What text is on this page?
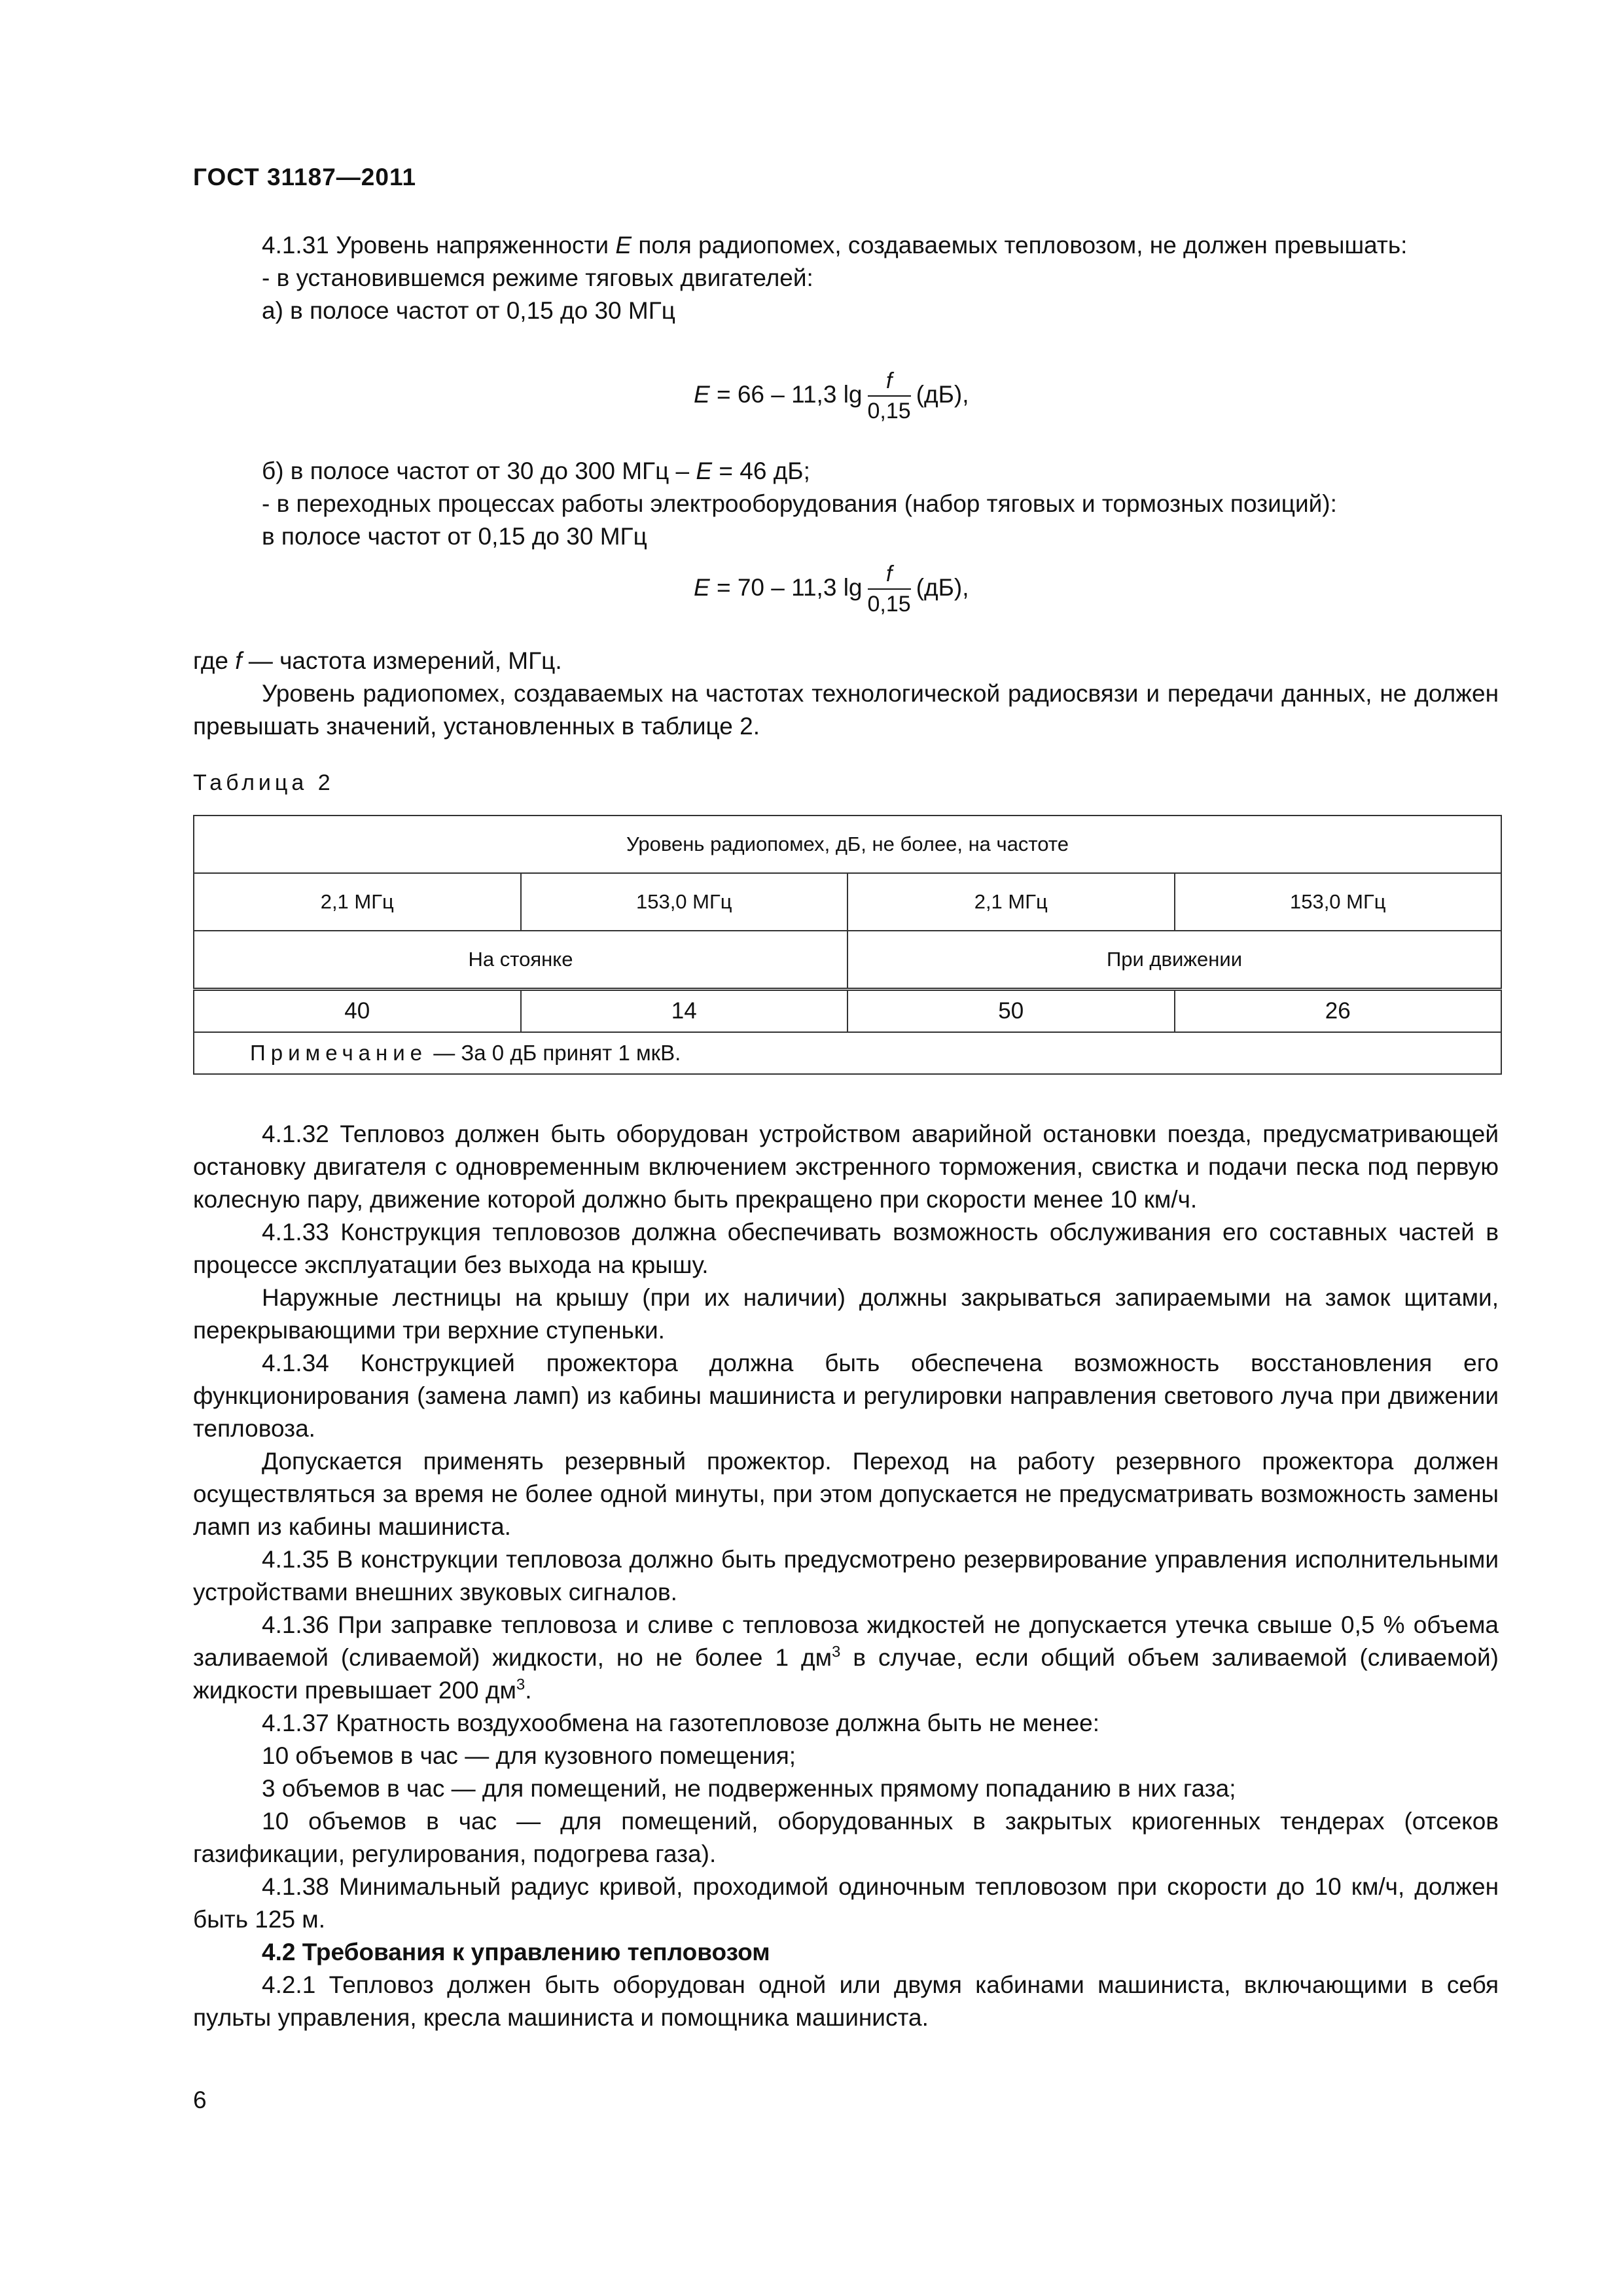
ГОСТ 31187—2011

4.1.31 Уровень напряженности E поля радиопомех, создаваемых тепловозом, не должен превышать:

- в установившемся режиме тяговых двигателей:

а) в полосе частот от 0,15 до 30 МГц

E = 66 – 11,3 $\lg \frac{f}{0,15} (дБ)$,

б) в полосе частот от 30 до 300 МГц – E = 46 дБ;

- в переходных процессах работы электрооборудования (набор тяговых и тормозных позиций):

в полосе частот от 0,15 до 30 МГц

E = 70 – 11,3 $\lg \frac{f}{0,15} (дБ)$,

где f — частота измерений, МГц.

Уровень радиопомех, создаваемых на частотах технологической радиосвязи и передачи данных, не должен превышать значений, установленных в таблице 2.

Таблица 2
Уровень радиопомех, дБ, не более, на частоте			
2,1 МГц	153,0 МГц	2,1 МГц	153,0 МГц
На стоянке		При движении	
40	14	50	26
Примечание — За 0 дБ принят 1 мкВ.			

4.1.32 Тепловоз должен быть оборудован устройством аварийной остановки поезда, предусматривающей остановку двигателя с одновременным включением экстренного торможения, свистка и подачи песка под первую колесную пару, движение которой должно быть прекращено при скорости менее 10 км/ч.

4.1.33 Конструкция тепловозов должна обеспечивать возможность обслуживания его составных частей в процессе эксплуатации без выхода на крышу.

Наружные лестницы на крышу (при их наличии) должны закрываться запираемыми на замок щитами, перекрывающими три верхние ступеньки.

4.1.34 Конструкцией прожектора должна быть обеспечена возможность восстановления его функционирования (замена ламп) из кабины машиниста и регулировки направления светового луча при движении тепловоза.

Допускается применять резервный прожектор. Переход на работу резервного прожектора должен осуществляться за время не более одной минуты, при этом допускается не предусматривать возможность замены ламп из кабины машиниста.

4.1.35 В конструкции тепловоза должно быть предусмотрено резервирование управления исполнительными устройствами внешних звуковых сигналов.

4.1.36 При заправке тепловоза и сливе с тепловоза жидкостей не допускается утечка свыше 0,5 % объема заливаемой (сливаемой) жидкости, но не более 1 $дм^3$ в случае, если общий объем заливаемой (сливаемой) жидкости превышает 200 $дм^3$.

4.1.37 Кратность воздухообмена на газотепловозе должна быть не менее:

10 объемов в час — для кузовного помещения;

3 объемов в час — для помещений, не подверженных прямому попаданию в них газа;

10 объемов в час — для помещений, оборудованных в закрытых криогенных тендерах (отсеков газификации, регулирования, подогрева газа).

4.1.38 Минимальный радиус кривой, проходимой одиночным тепловозом при скорости до 10 км/ч, должен быть 125 м.

4.2 Требования к управлению тепловозом

4.2.1 Тепловоз должен быть оборудован одной или двумя кабинами машиниста, включающими в себя пульты управления, кресла машиниста и помощника машиниста.

6
